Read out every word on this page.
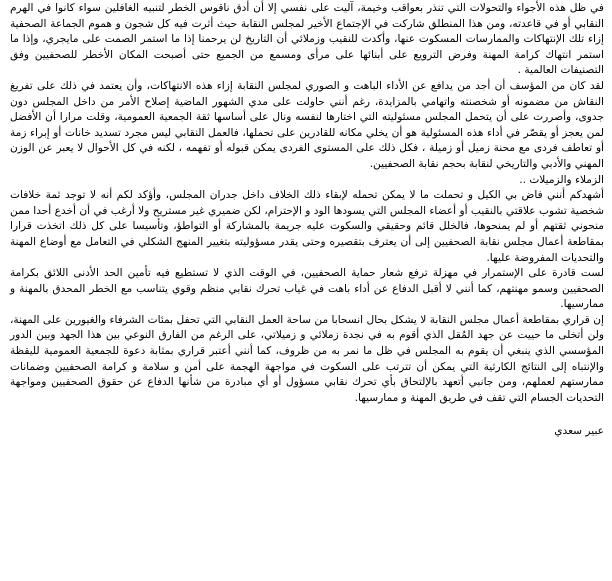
في ظل هذه الأجواء والتحولات التي تنذر بعواقب وخيمة، آليت على نفسي إلا أن أدق ناقوس الخطر لتنبيه الغافلين سواء كانوا في الهرم النقابي أو في قاعدته، ومن هذا المنطلق شاركت في الإجتماع الأخير لمجلس النقابة حيث أثرت فيه كل شجون و هموم الجماعة الصحفية إزاء تلك الإنتهاكات والممارسات المسكوت عنها، وأكدت للنقيب وزملائي أن التاريخ لن يرحمنا إذا ما استمر الصمت على مايجري، وإذا ما استمر انتهاك كرامة المهنة وفرض الترويع على أبنائها على مرأى ومسمع من الجميع حتى أصبحت المكان الأخطر للصحفيين وفق التصنيفات العالمية .

لقد كان من المؤسف أن أجد من يدافع عن الأداء الباهت و الصوري لمجلس النقابة إزاء هذه الانتهاكات، وأن يعتمد في ذلك على تفريغ النقاش من مضمونه أو شخصنته واتهامي بالمزايدة، رغم أنني حاولت على مدي الشهور الماضية إصلاح الأمر من داخل المجلس دون جدوى، وأصررت على أن يتحمل المجلس مسئوليته التي اختارها لنفسه ونال على أساسها ثقة الجمعية العمومية، وقلت مرارا أن الأفضل لمن يعجز أو يقصّر في أداء هذه المسئولية هو أن يخلي مكانه للقادرين على تحملها، فالعمل النقابي ليس مجرد تسديد خانات أو إبراء زمة أو تعاطف فردى مع محنة زميل أو زميلة ، فكل ذلك على المستوى الفردى يمكن قبوله أو تفهمه ، لكنه في كل الأحوال لا يعبر عن الوزن المهني والأدبي والتاريخي لنقابة بحجم نقابة الصحفيين.

الزملاء والزميلات ..

أشهدكم أنني فاض بي الكيل و تحملت ما لا يمكن تحمله لإبقاء ذلك الخلاف داخل جدران المجلس، وأؤكد لكم أنه لا توجد ثمة خلافات شخصية تشوب علاقتي بالنقيب أو أعضاء المجلس التي يسودها الود و الإحترام، لكن ضميري غير مستريح ولا أرغب في أن أخدع أحدا ممن منحوني ثقتهم أو لم يمنحوها، فالخلل قائم وحقيقي والسكوت عليه جريمة بالمشاركة أو التواطؤ، وتأسيسا على كل ذلك اتخذت قرارا بمقاطعة أعمال مجلس نقابة الصحفيين إلى أن يعترف بتقصيره وحتى يقدر مسؤوليته بتغيير المنهج الشكلي في التعامل مع أوضاع المهنة والتحديات المفروضة عليها.

لست قادرة على الإستمرار في مهزلة ترفع شعار حماية الصحفيين، في الوقت الذي لا تستطيع فيه تأمين الحد الأدنى اللائق بكرامة الصحفيين وسمو مهنتهم، كما أنني لا أقبل الدفاع عن أداء باهت في غياب تحرك نقابي منظم وقوي يتناسب مع الخطر المحدق بالمهنة و ممارسيها.

إن قراري بمقاطعة أعمال مجلس النقابة لا يشكل بحال انسحابا من ساحة العمل النقابي التي تحفل بمئات الشرفاء والغيورين على المهنة، ولن أتخلى ما حييت عن جهد المُقل الذي أقوم به في نجدة زملائي و زميلاتي، على الرغم من الفارق النوعي بين هذا الجهد وبين الدور المؤسسي الذي ينبغي أن يقوم به المجلس في ظل ما نمر به من ظروف، كما أنني أعتبر قراري بمثابة دعوة للجمعية العمومية لليقظة والإنتباه إلى النتائج الكارثية التي يمكن أن تترتب على السكوت في مواجهة الهجمة على أمن و سلامة و كرامة الصحفيين وضمانات ممارستهم لعملهم، ومن جانبي أتعهد بالإلتحاق بأي تحرك نقابي مسؤول أو أي مبادرة من شأنها الدفاع عن حقوق الصحفيين ومواجهة التحديات الجسام التي تقف في طريق المهنة و ممارسيها.

عبير سعدي
